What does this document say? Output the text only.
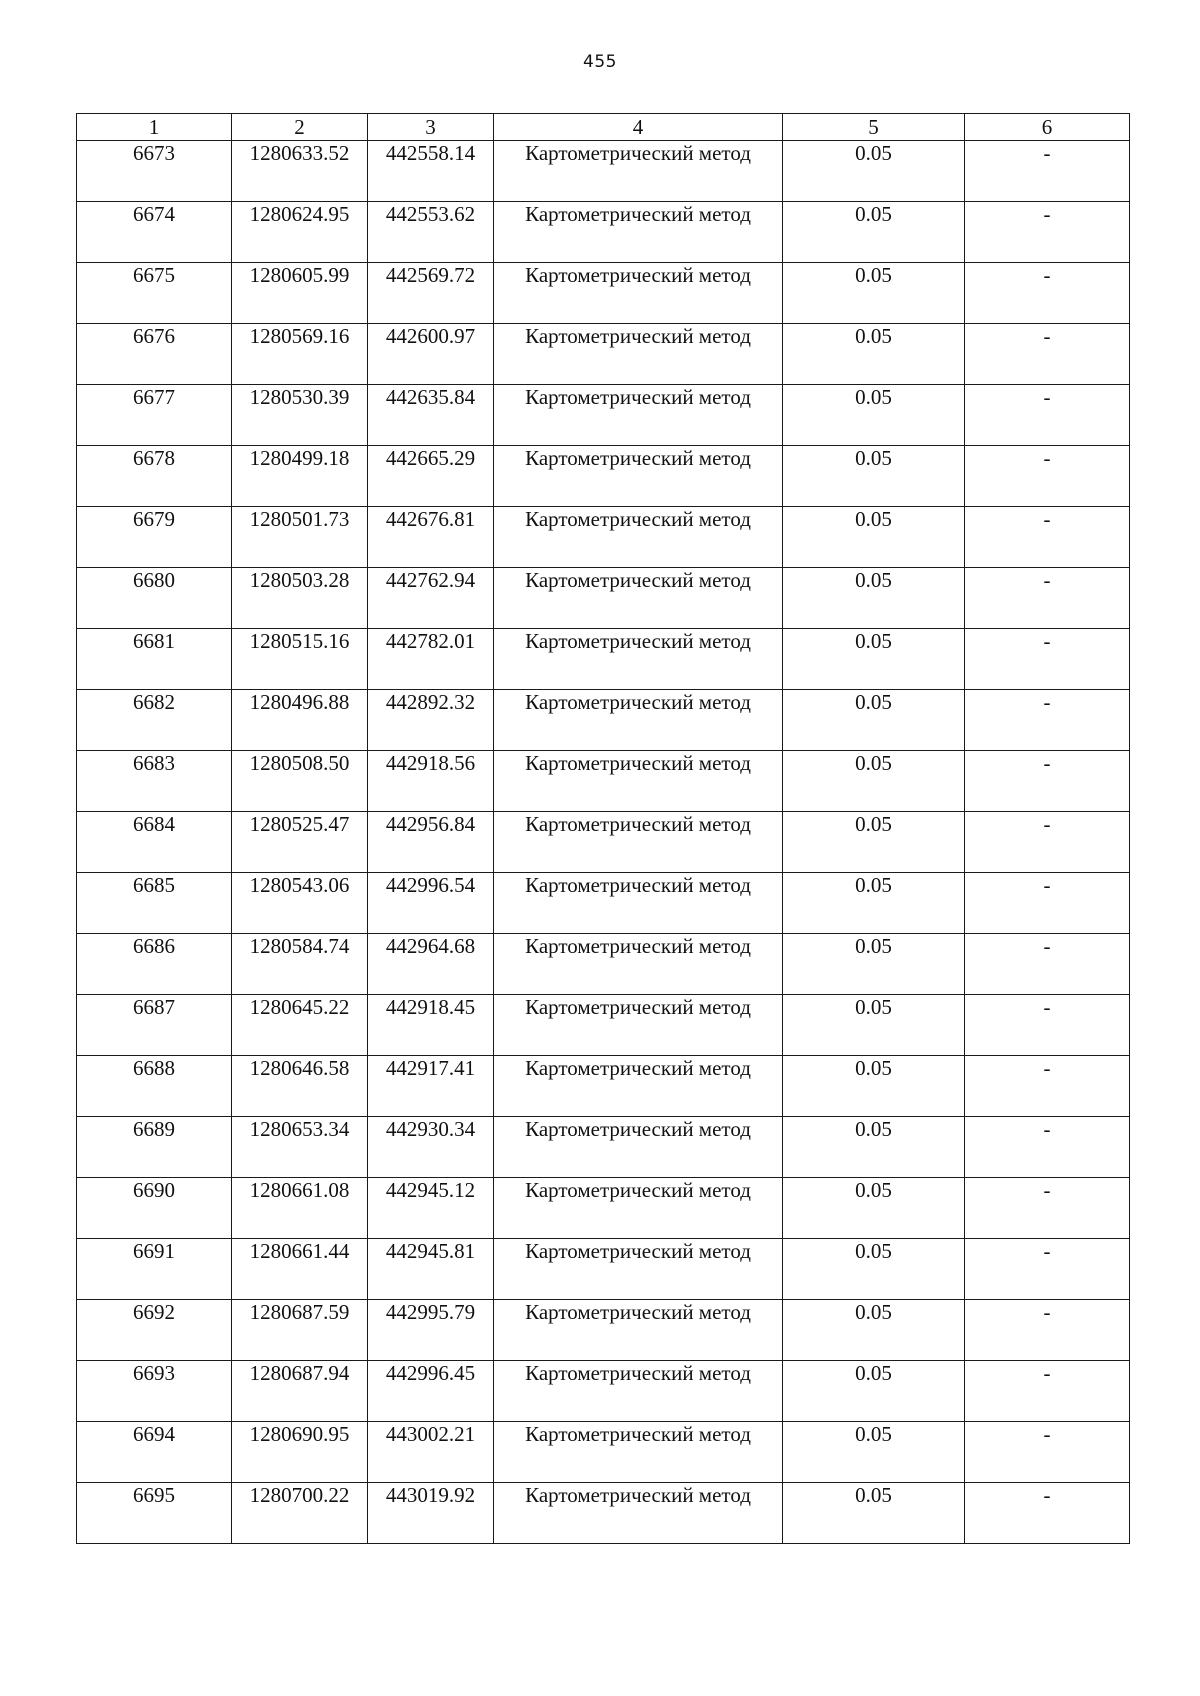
455
1	2	3	4	5	6
6673	1280633.52	442558.14	Картометрический метод	0.05	-
6674	1280624.95	442553.62	Картометрический метод	0.05	-
6675	1280605.99	442569.72	Картометрический метод	0.05	-
6676	1280569.16	442600.97	Картометрический метод	0.05	-
6677	1280530.39	442635.84	Картометрический метод	0.05	-
6678	1280499.18	442665.29	Картометрический метод	0.05	-
6679	1280501.73	442676.81	Картометрический метод	0.05	-
6680	1280503.28	442762.94	Картометрический метод	0.05	-
6681	1280515.16	442782.01	Картометрический метод	0.05	-
6682	1280496.88	442892.32	Картометрический метод	0.05	-
6683	1280508.50	442918.56	Картометрический метод	0.05	-
6684	1280525.47	442956.84	Картометрический метод	0.05	-
6685	1280543.06	442996.54	Картометрический метод	0.05	-
6686	1280584.74	442964.68	Картометрический метод	0.05	-
6687	1280645.22	442918.45	Картометрический метод	0.05	-
6688	1280646.58	442917.41	Картометрический метод	0.05	-
6689	1280653.34	442930.34	Картометрический метод	0.05	-
6690	1280661.08	442945.12	Картометрический метод	0.05	-
6691	1280661.44	442945.81	Картометрический метод	0.05	-
6692	1280687.59	442995.79	Картометрический метод	0.05	-
6693	1280687.94	442996.45	Картометрический метод	0.05	-
6694	1280690.95	443002.21	Картометрический метод	0.05	-
6695	1280700.22	443019.92	Картометрический метод	0.05	-
